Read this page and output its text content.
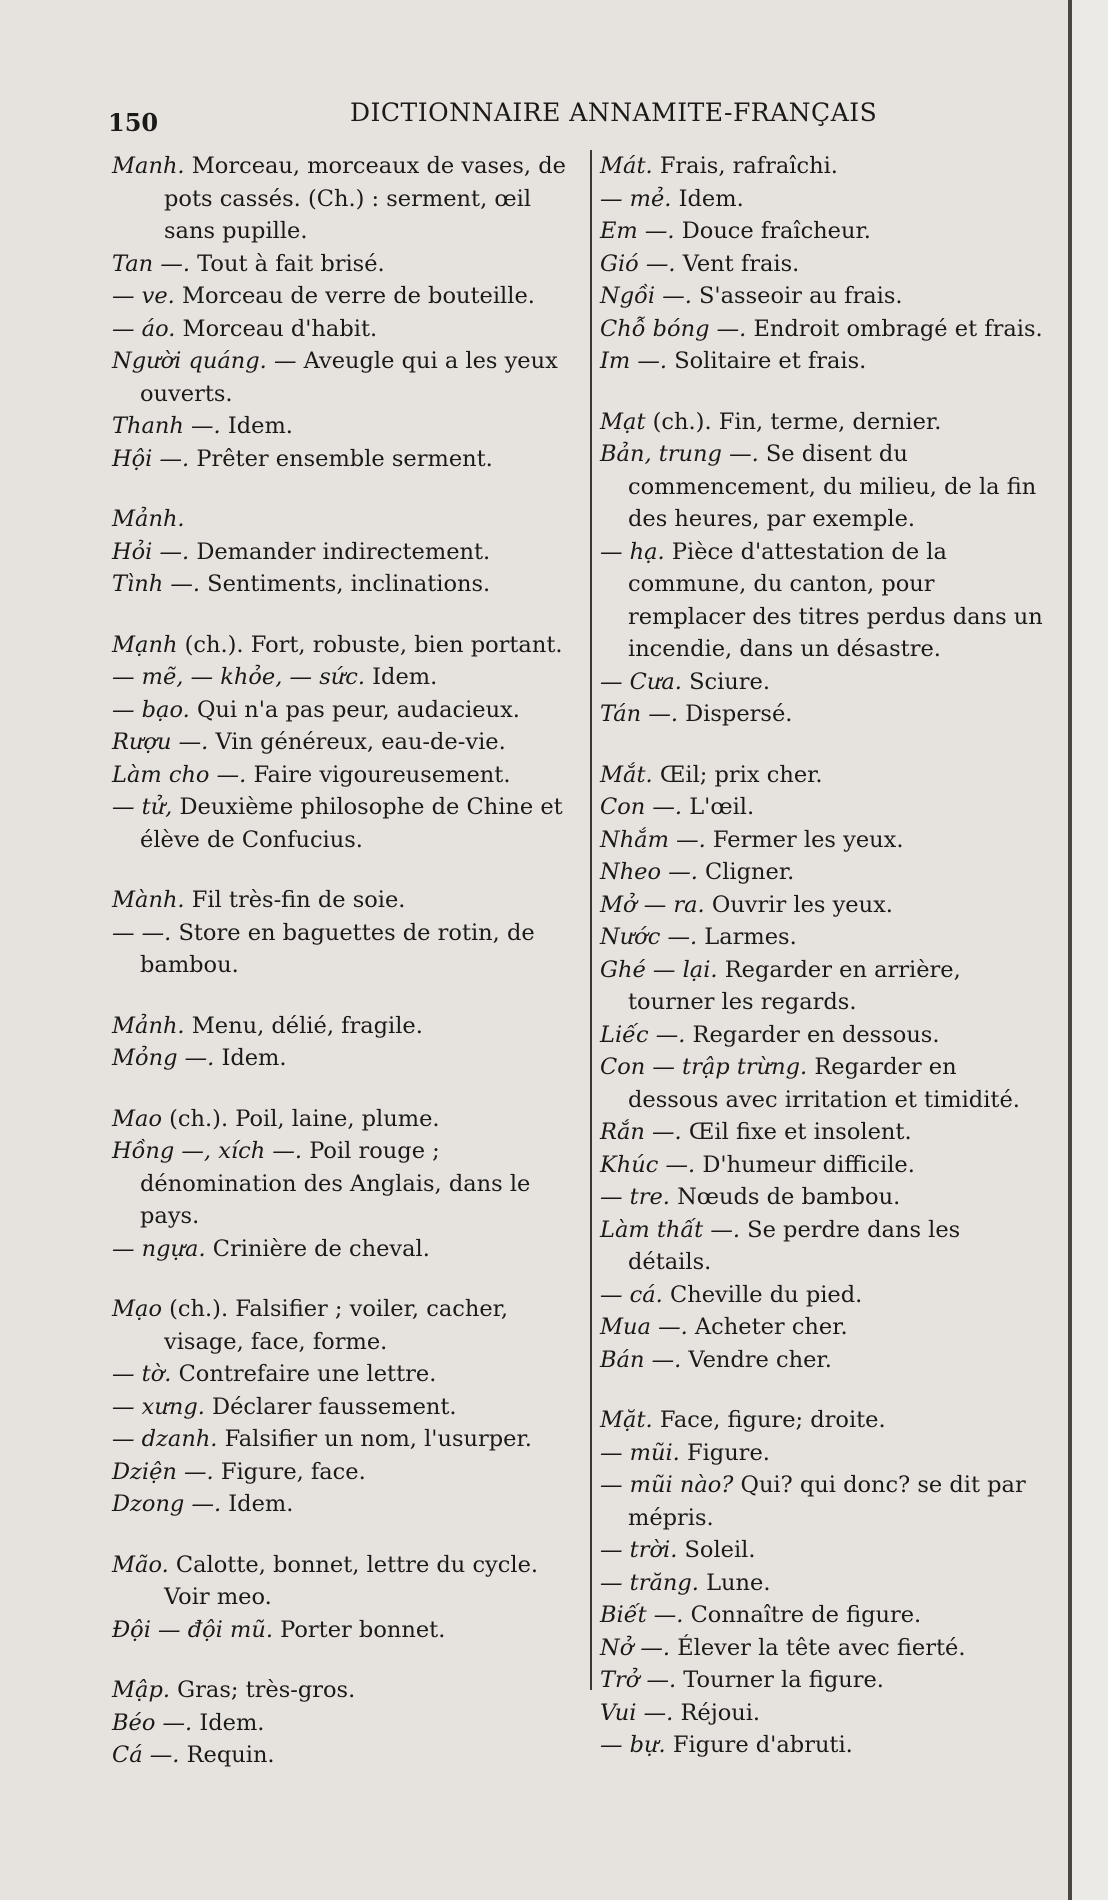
150	DICTIONNAIRE ANNAMITE-FRANÇAIS
Manh. Morceau, morceaux de vases, de pots cassés. (Ch.) : serment, œil sans pupille.
Tan —. Tout à fait brisé.
— ve. Morceau de verre de bouteille.
— áo. Morceau d'habit.
Người quáng. — Aveugle qui a les yeux ouverts.
Thanh —. Idem.
Hội —. Prêter ensemble serment.
Mảnh.
Hỏi —. Demander indirectement.
Tình —. Sentiments, inclinations.
Mạnh (ch.). Fort, robuste, bien portant.
— mẽ, — khỏe, — sức. Idem.
— bạo. Qui n'a pas peur, audacieux.
Rượu —. Vin généreux, eau-de-vie.
Làm cho —. Faire vigoureusement.
— tử, Deuxième philosophe de Chine et élève de Confucius.
Mành. Fil très-fin de soie.
— —. Store en baguettes de rotin, de bambou.
Mảnh. Menu, délié, fragile.
Mỏng —. Idem.
Mao (ch.). Poil, laine, plume.
Hồng —, xích —. Poil rouge ; dénomination des Anglais, dans le pays.
— ngựa. Crinière de cheval.
Mạo (ch.). Falsifier ; voiler, cacher, visage, face, forme.
— tờ. Contrefaire une lettre.
— xưng. Déclarer faussement.
— dzanh. Falsifier un nom, l'usurper.
Dziện —. Figure, face.
Dzong —. Idem.
Mão. Calotte, bonnet, lettre du cycle. Voir meo.
Đội — đội mũ. Porter bonnet.
Mập. Gras; très-gros.
Béo —. Idem.
Cá —. Requin.
Mát. Frais, rafraîchi.
— mẻ. Idem.
Em —. Douce fraîcheur.
Gió —. Vent frais.
Ngồi —. S'asseoir au frais.
Chỗ bóng —. Endroit ombragé et frais.
Im —. Solitaire et frais.
Mạt (ch.). Fin, terme, dernier.
Bản, trung —. Se disent du commencement, du milieu, de la fin des heures, par exemple.
— hạ. Pièce d'attestation de la commune, du canton, pour remplacer des titres perdus dans un incendie, dans un désastre.
— Cưa. Sciure.
Tán —. Dispersé.
Mắt. Œil; prix cher.
Con —. L'œil.
Nhắm —. Fermer les yeux.
Nheo —. Cligner.
Mở — ra. Ouvrir les yeux.
Nước —. Larmes.
Ghé — lại. Regarder en arrière, tourner les regards.
Liếc —. Regarder en dessous.
Con — trập trừng. Regarder en dessous avec irritation et timidité.
Rắn —. Œil fixe et insolent.
Khúc —. D'humeur difficile.
— tre. Nœuds de bambou.
Làm thất —. Se perdre dans les détails.
— cá. Cheville du pied.
Mua —. Acheter cher.
Bán —. Vendre cher.
Mặt. Face, figure; droite.
— mũi. Figure.
— mũi nào? Qui? qui donc? se dit par mépris.
— trời. Soleil.
— trăng. Lune.
Biết —. Connaître de figure.
Nở —. Élever la tête avec fierté.
Trở —. Tourner la figure.
Vui —. Réjoui.
— bự. Figure d'abruti.
